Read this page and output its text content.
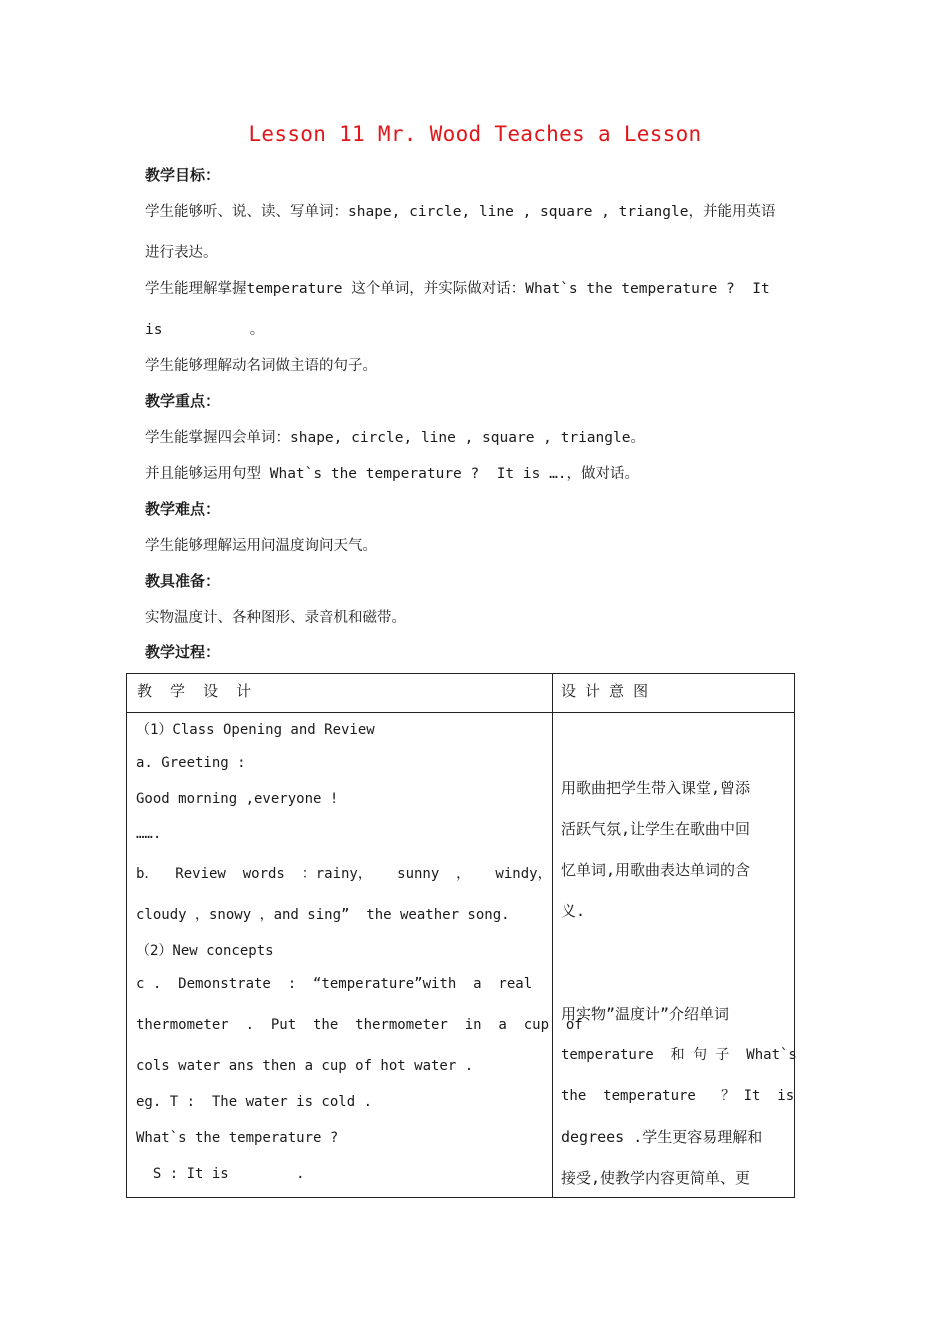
Lesson 11 Mr. Wood Teaches a Lesson
教学目标：
学生能够听、说、读、写单词：shape, circle, line , square , triangle，并能用英语
进行表达。
学生能理解掌握temperature 这个单词，并实际做对话：What`s the temperature ?  It
is          。
学生能够理解动名词做主语的句子。
教学重点：
学生能掌握四会单词：shape, circle, line , square , triangle。
并且能够运用句型 What`s the temperature ?  It is ….，做对话。
教学难点：
学生能够理解运用问温度询问天气。
教具准备：
实物温度计、各种图形、录音机和磁带。
教学过程：
教  学  设  计	设 计 意 图
（1）Class Opening and Review
a. Greeting :
Good morning ,everyone !
…….
b．  Review  words  ：rainy，   sunny  ，   windy，
cloudy ，snowy ，and sing”  the weather song.
（2）New concepts
c .  Demonstrate  :  “temperature”with  a  real
thermometer  .  Put  the  thermometer  in  a  cup  of
cols water ans then a cup of hot water .
eg. T :  The water is cold .
What`s the temperature ?
S : It is        .
用歌曲把学生带入课堂,曾添
活跃气氛,让学生在歌曲中回
忆单词,用歌曲表达单词的含
义.
用实物”温度计”介绍单词
temperature  和 句 子  What`s
the  temperature   ？ It  is
degrees .学生更容易理解和
接受,使教学内容更简单、更
